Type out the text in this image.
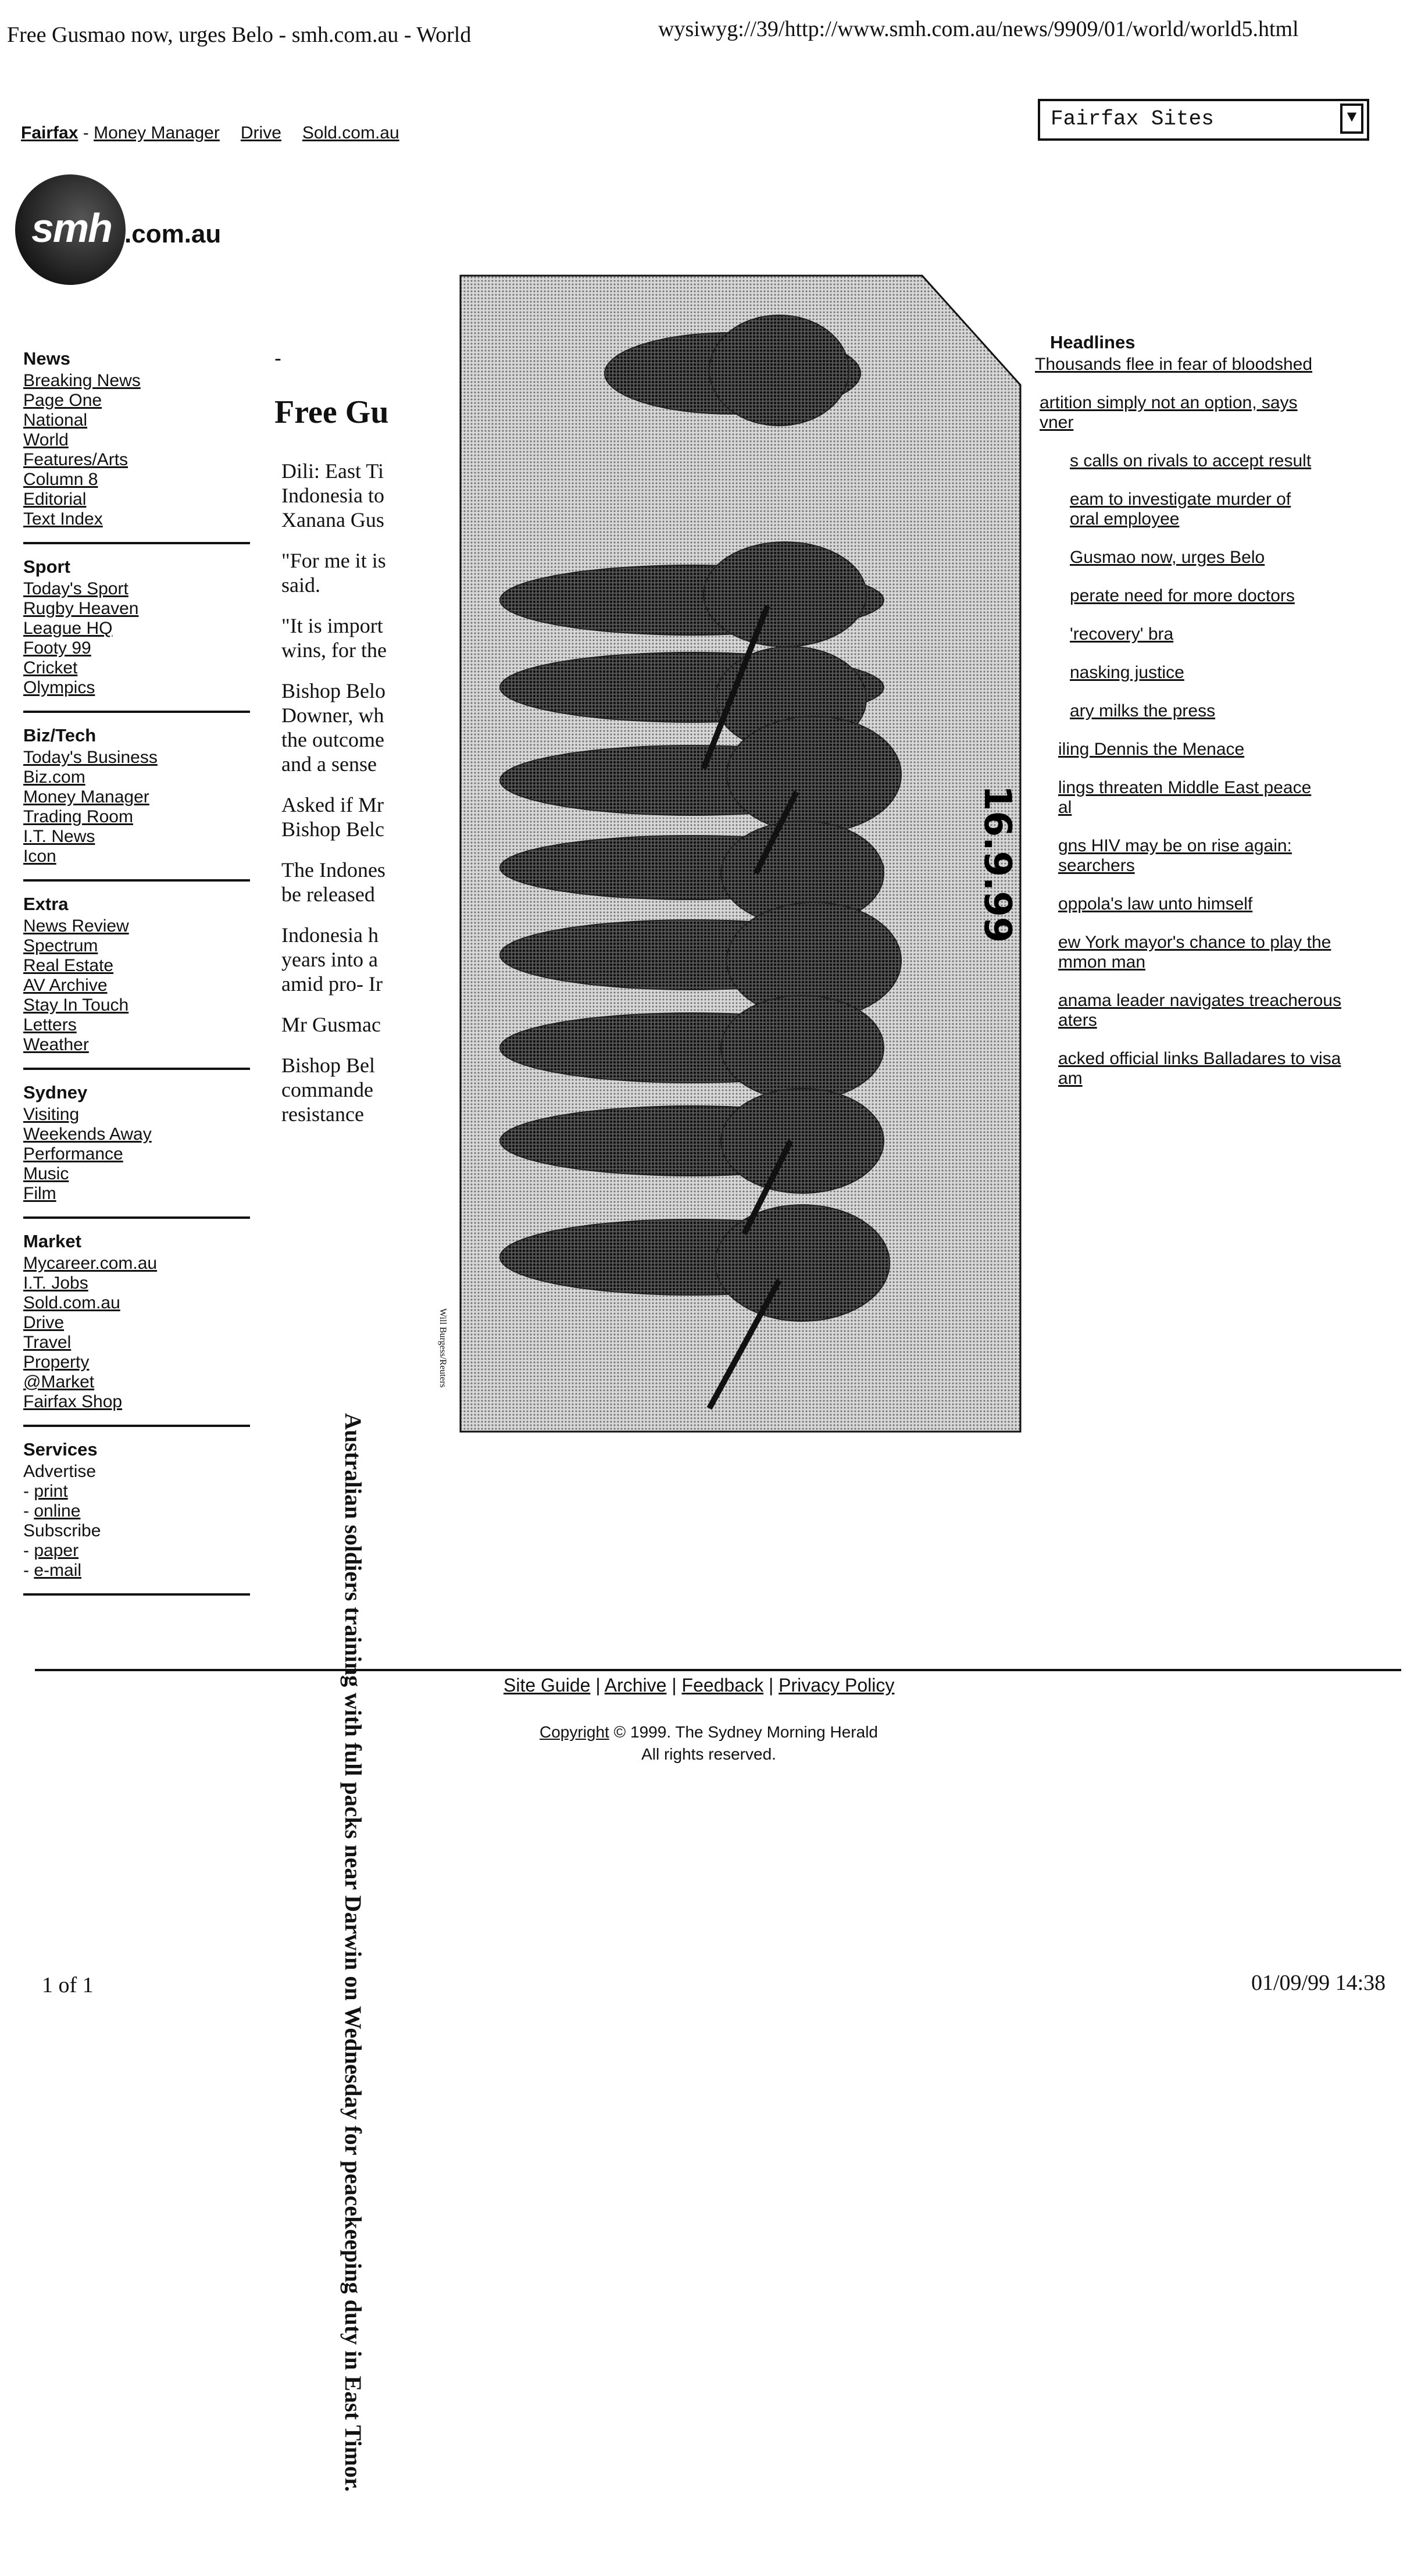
Free Gusmao now, urges Belo - smh.com.au - World	wysiwyg://39/http://www.smh.com.au/news/9909/01/world/world5.html
Fairfax - Money Manager Drive Sold.com.au
Fairfax Sites	▼
smh .com.au
News
Breaking News
Page One
National
World
Features/Arts
Column 8
Editorial
Text Index
Sport
Today's Sport
Rugby Heaven
League HQ
Footy 99
Cricket
Olympics
Biz/Tech
Today's Business
Biz.com
Money Manager
Trading Room
I.T. News
Icon
Extra
News Review
Spectrum
Real Estate
AV Archive
Stay In Touch
Letters
Weather
Sydney
Visiting
Weekends Away
Performance
Music
Film
Market
Mycareer.com.au
I.T. Jobs
Sold.com.au
Drive
Travel
Property
@Market
Fairfax Shop
Services
Advertise
- print
- online
Subscribe
- paper
- e-mail
-
Free Gu

Dili: East Ti
Indonesia to
Xanana Gus

"For me it is
said.

"It is import
wins, for the

Bishop Belo
Downer, wh
the outcome
and a sense

Asked if Mr
Bishop Belc

The Indones
be released

Indonesia h
years into a
amid pro- Ir

Mr Gusmac

Bishop Bel
commande
resistance

Australian soldiers training with full packs near Darwin on Wednesday for peacekeeping duty in East Timor.
Will Burgess/Reuters
16.9.99
Headlines
Thousands flee in fear of bloodshed
artition simply not an option, says
vner
s calls on rivals to accept result
eam to investigate murder of
oral employee
Gusmao now, urges Belo
perate need for more doctors
'recovery' bra
nasking justice
ary milks the press
iling Dennis the Menace
lings threaten Middle East peace
al
gns HIV may be on rise again:
searchers
oppola's law unto himself
ew York mayor's chance to play the
mmon man
anama leader navigates treacherous
aters
acked official links Balladares to visa
am
Site Guide | Archive | Feedback | Privacy Policy
Copyright © 1999. The Sydney Morning Herald
All rights reserved.
1 of 1	01/09/99 14:38
